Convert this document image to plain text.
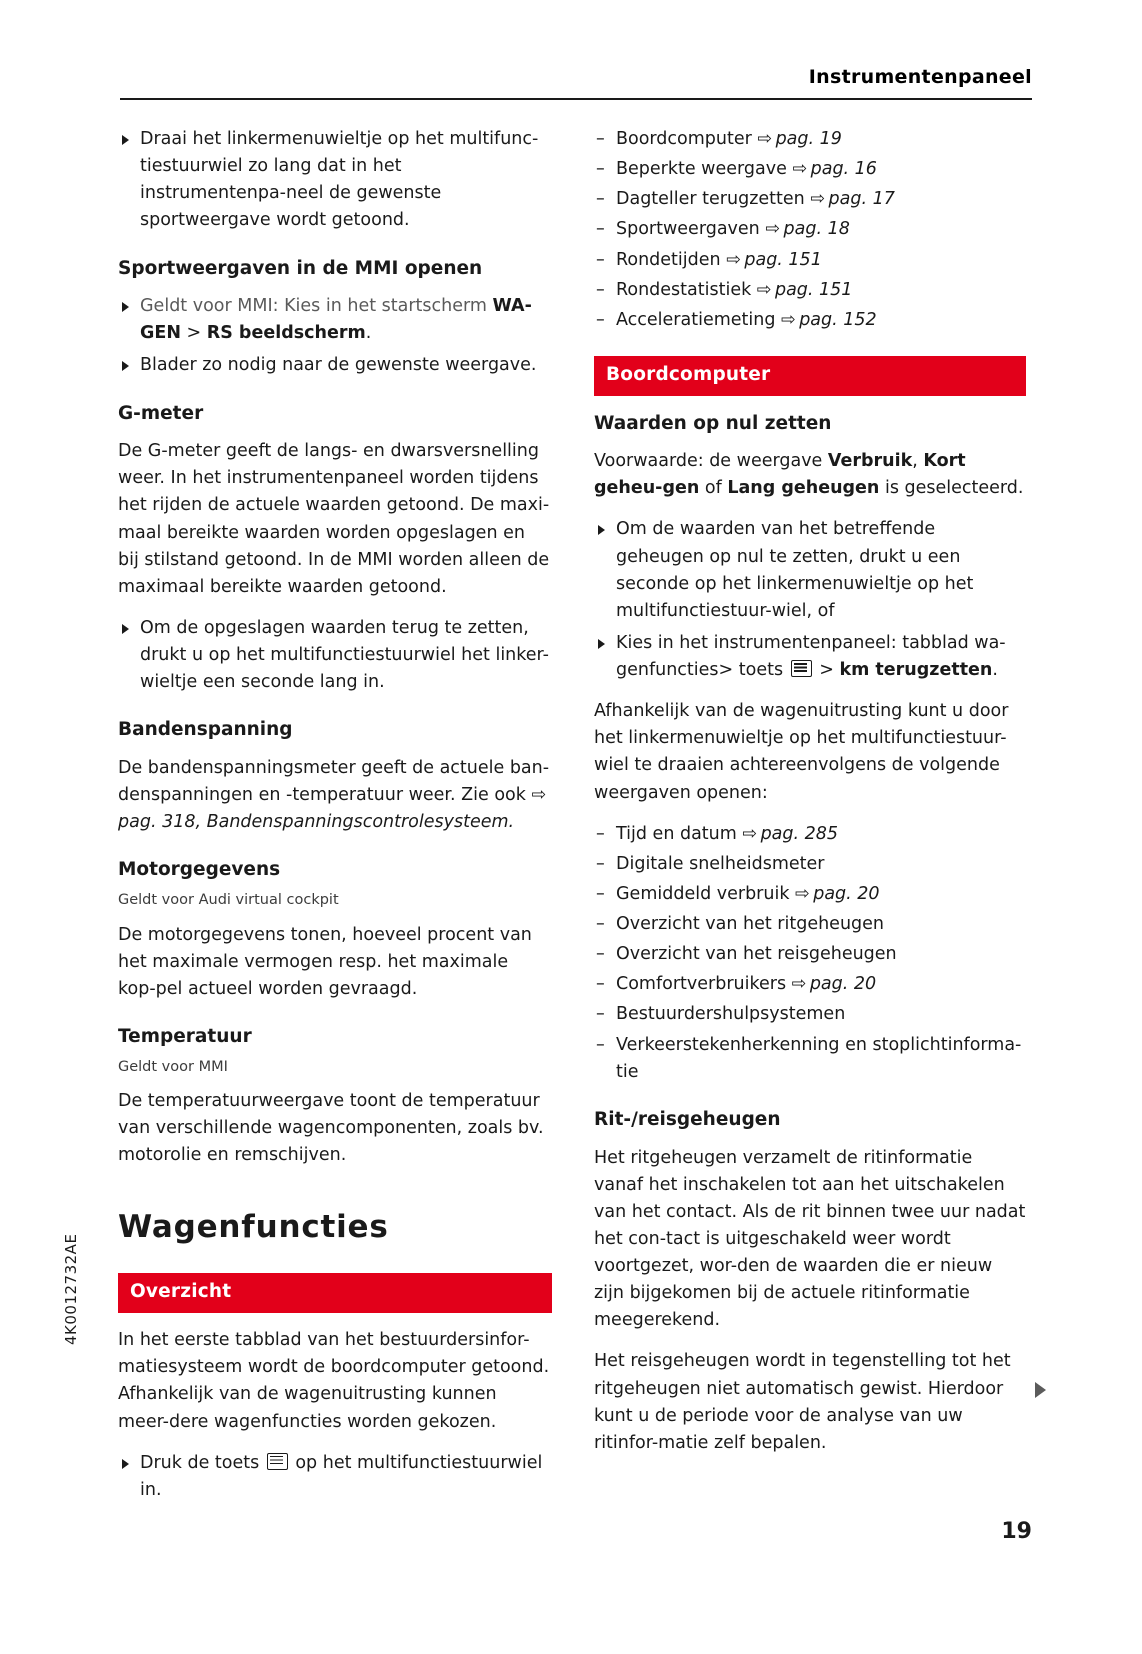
Instrumentenpaneel
Draai het linkermenuwieltje op het multifunc-tiestuurwiel zo lang dat in het instrumentenpa-neel de gewenste sportweergave wordt getoond.
Sportweergaven in de MMI openen
Geldt voor MMI: Kies in het startscherm WA-GEN > RS beeldscherm.
Blader zo nodig naar de gewenste weergave.
G-meter

De G-meter geeft de langs- en dwarsversnelling weer. In het instrumentenpaneel worden tijdens het rijden de actuele waarden getoond. De maxi-maal bereikte waarden worden opgeslagen en bij stilstand getoond. In de MMI worden alleen de maximaal bereikte waarden getoond.

Om de opgeslagen waarden terug te zetten, drukt u op het multifunctiestuurwiel het linker-wieltje een seconde lang in.
Bandenspanning

De bandenspanningsmeter geeft de actuele ban-denspanningen en -temperatuur weer. Zie ook ⇨ pag. 318, Bandenspanningscontrolesysteem.

Motorgegevens
Geldt voor Audi virtual cockpit

De motorgegevens tonen, hoeveel procent van het maximale vermogen resp. het maximale kop-pel actueel worden gevraagd.

Temperatuur
Geldt voor MMI

De temperatuurweergave toont de temperatuur van verschillende wagencomponenten, zoals bv. motorolie en remschijven.

Wagenfuncties
Overzicht

In het eerste tabblad van het bestuurdersinfor-matiesysteem wordt de boordcomputer getoond. Afhankelijk van de wagenuitrusting kunnen meer-dere wagenfuncties worden gekozen.

Druk de toets  op het multifunctiestuurwiel in.
– Boordcomputer ⇨  pag. 19
– Beperkte weergave ⇨  pag. 16
– Dagteller terugzetten ⇨  pag. 17
– Sportweergaven ⇨  pag. 18
– Rondetijden ⇨  pag. 151
– Rondestatistiek ⇨  pag. 151
– Acceleratiemeting ⇨  pag. 152
Boordcomputer
Waarden op nul zetten

Voorwaarde: de weergave Verbruik, Kort geheu-gen of Lang geheugen is geselecteerd.

Om de waarden van het betreffende geheugen op nul te zetten, drukt u een seconde op het linkermenuwieltje op het multifunctiestuur-wiel, of
Kies in het instrumentenpaneel: tabblad wa-genfuncties> toets  > km terugzetten.

Afhankelijk van de wagenuitrusting kunt u door het linkermenuwieltje op het multifunctiestuur-wiel te draaien achtereenvolgens de volgende weergaven openen:

– Tijd en datum ⇨  pag. 285
– Digitale snelheidsmeter
– Gemiddeld verbruik ⇨  pag. 20
– Overzicht van het ritgeheugen
– Overzicht van het reisgeheugen
– Comfortverbruikers ⇨  pag. 20
– Bestuurdershulpsystemen
– Verkeerstekenherkenning en stoplichtinforma-tie
Rit-/reisgeheugen

Het ritgeheugen verzamelt de ritinformatie vanaf het inschakelen tot aan het uitschakelen van het contact. Als de rit binnen twee uur nadat het con-tact is uitgeschakeld weer wordt voortgezet, wor-den de waarden die er nieuw zijn bijgekomen bij de actuele ritinformatie meegerekend.

Het reisgeheugen wordt in tegenstelling tot het ritgeheugen niet automatisch gewist. Hierdoor kunt u de periode voor de analyse van uw ritinfor-matie zelf bepalen.

4K0012732AE
19
